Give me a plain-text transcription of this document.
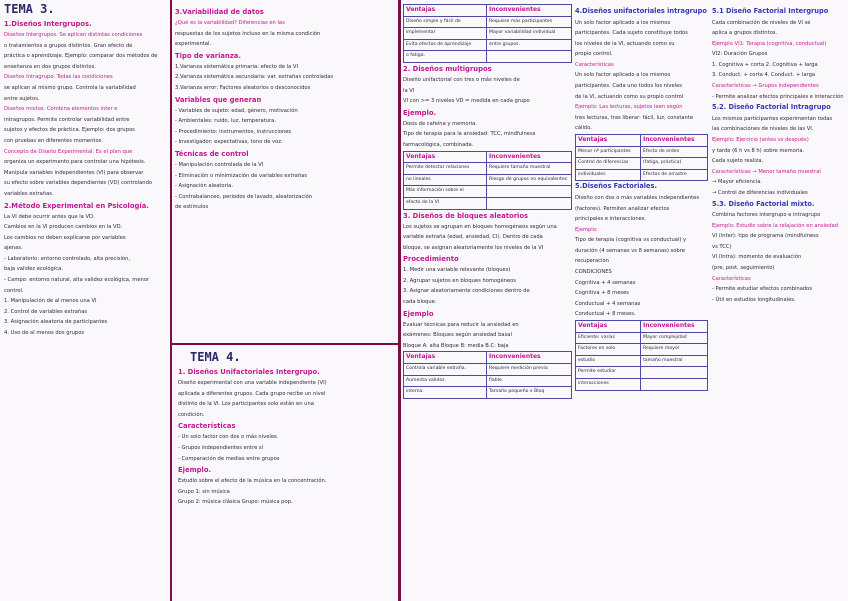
TEMA 3.
1.Diseños Intergrupos.
Diseños Intergrupos. Se aplican distintas condiciones
o tratamientos a grupos distintos. Gran efecto de
práctica o aprendizaje. Ejemplo: comparar dos métodos de
enseñanza en dos grupos distintos.
Diseños Intragrupo. Todas las condiciones
se aplican al mismo grupo. Controla la variabilidad
entre sujetos.
Diseños mixtos. Combina elementos inter e
intragrupos. Permite controlar variabilidad entre
sujetos y efectos de práctica. Ejemplo: dos grupos
con pruebas en diferentes momentos.
Concepto de Diseño Experimental. Es el plan que
organiza un experimento para controlar una hipótesis.
Manipula variables independientes (VI) para observar
su efecto sobre variables dependientes (VD) controlando
variables extrañas.
2.Método Experimental en Psicología.
La VI debe ocurrir antes que la VD.
Cambios en la VI producen cambios en la VD.
Los cambios no deben explicarse por variables
ajenas.
- Laboratorio: entorno controlado, alta precisión,
baja validez ecológica.
- Campo: entorno natural, alta validez ecológica, menor
control.
1. Manipulación de al menos una VI
2. Control de variables extrañas
3. Asignación aleatoria de participantes
4. Uso de al menos dos grupos
3.Variabilidad de datos
¿Qué es la variabilidad? Diferencias en las
respuestas de los sujetos incluso en la misma condición
experimental.
Tipo de varianza.
1.Varianza sistemática primaria: efecto de la VI
2.Varianza sistemática secundaria: var. extrañas controladas
3.Varianza error: Factores aleatorios o desconocidos
Variables que generan
- Variables de sujeto: edad, género, motivación
- Ambientales: ruido, luz, temperatura.
- Procedimiento: instrumentos, instrucciones
- Investigador: expectativas, tono de voz.
Técnicas de control
- Manipulación controlada de la VI
- Eliminación o minimización de variables extrañas
- Asignación aleatoria.
- Contrabalanceo, periodos de lavado, aleatorización
de estímulos
TEMA 4.
1. Diseños Unifactoriales Intergrupo.
Diseño experimental con una variable independiente (VI)
aplicada a diferentes grupos. Cada grupo recibe un nivel
distinto de la VI. Los participantes solo están en una
condición.
Características
- Un solo factor con dos o más niveles.
- Grupos independientes entre sí
- Comparación de medias entre grupos
Ejemplo.
Estudio sobre el efecto de la música en la concentración.
Grupo 1: sin música
Grupo 2: música clásica Grupo: música pop.
Ventajas	Inconvenientes
Diseño simple y fácil de	Requiere más participantes
implementar	Mayor variabilidad individual
Evita efectos de aprendizaje	entre grupos.
o fatiga.	
2. Diseños multigrupos
Diseño unifactorial con tres o más niveles de
la VI
VI con >= 3 niveles VD = medida en cada grupo
Ejemplo.
Dosis de cafeína y memoria.
Tipo de terapia para la ansiedad: TCC, mindfulness
farmacológica, combinada.
Ventajas	Inconvenientes
Permite detectar relaciones	Requiere tamaño muestral
no lineales	Riesgo de grupos no equivalentes
Más información sobre el	
efecto de la VI	
3. Diseños de bloques aleatorios
Los sujetos se agrupan en bloques homogéneos según una
variable extraña (edad, ansiedad, CI). Dentro de cada
bloque, se asignan aleatoriamente los niveles de la VI
Procedimiento
1. Medir una variable relevante (bloques)
2. Agrupar sujetos en bloques homogéneos
3. Asignar aleatoriamente condiciones dentro de
cada bloque.
Ejemplo
Evaluar técnicas para reducir la ansiedad en
exámenes: Bloques según ansiedad basal
Bloque A: alta Bloque B: media B.C: baja
Ventajas	Inconvenientes
Controla variable extraña.	Requiere medición previa
Aumenta validez	fiable.
interna.	Tamaño pequeño x Bloq
4.Diseños unifactoriales intragrupo
Un solo factor aplicado a los mismos
participantes. Cada sujeto constituye todos
los niveles de la VI, actuando como su
propio control.
Características
Un solo factor aplicado a los mismos
participantes. Cada uno todos los niveles
de la VI, actuando como su propio control
Ejemplo: Las lecturas, sujetos leen según
tres lecturas, tras liberar: fácil, luz, constante
cálido.
Ventajas	Inconvenientes
Menor nº participantes	Efecto de orden
Control de diferencias	(fatiga, práctica)
individuales	Efectos de arrastre
5.Diseños Factoriales.
Diseño con dos o más variables independientes
(factores). Permiten analizar efectos
principales e interacciones.
Ejemplo:
Tipo de terapia (cognitiva vs conductual) y
duración (4 semanas vs 8 semanas) sobre
recuperación
CONDICIONES
Cognitiva + 4 semanas
Cognitiva + 8 meses
Conductual + 4 semanas
Conductual + 8 meses.
Ventajas	Inconvenientes
Eficiente: varias	Mayor complejidad
Factores en solo	Requiere mayor
estudio	tamaño muestral
Permite estudiar	
interacciones	
5.1 Diseño Factorial Intergrupo
Cada combinación de niveles de VI se
aplica a grupos distintos.
Ejemplo VI1: Terapia (cognitiva, conductual)
VI2: Duración Grupos
1. Cognitiva + corta 2. Cognitiva + larga
3. Conduct. + corta 4. Conduct. + larga
Características → Grupos independientes
- Permite analizar efectos principales e interacción
5.2. Diseño Factorial Intragrupo
Los mismos participantes experimentan todas
las combinaciones de niveles de las VI.
Ejemplo: Ejercicio (antes vs después)
y tarde (6 h vs 8 h) sobre memoria.
Cada sujeto realiza.
Características → Menor tamaño muestral
→ Mayor eficiencia.
→ Control de diferencias individuales
5.3. Diseño Factorial mixto.
Combina factores intergrupo e intragrupo
Ejemplo: Estudio sobre la relajación en ansiedad
VI (Inter): tipo de programa (mindfulness
vs TCC)
VI (Intra): momento de evaluación
(pre, post, seguimiento)
Características
- Permite estudiar efectos combinados
- Útil en estudios longitudinales.
